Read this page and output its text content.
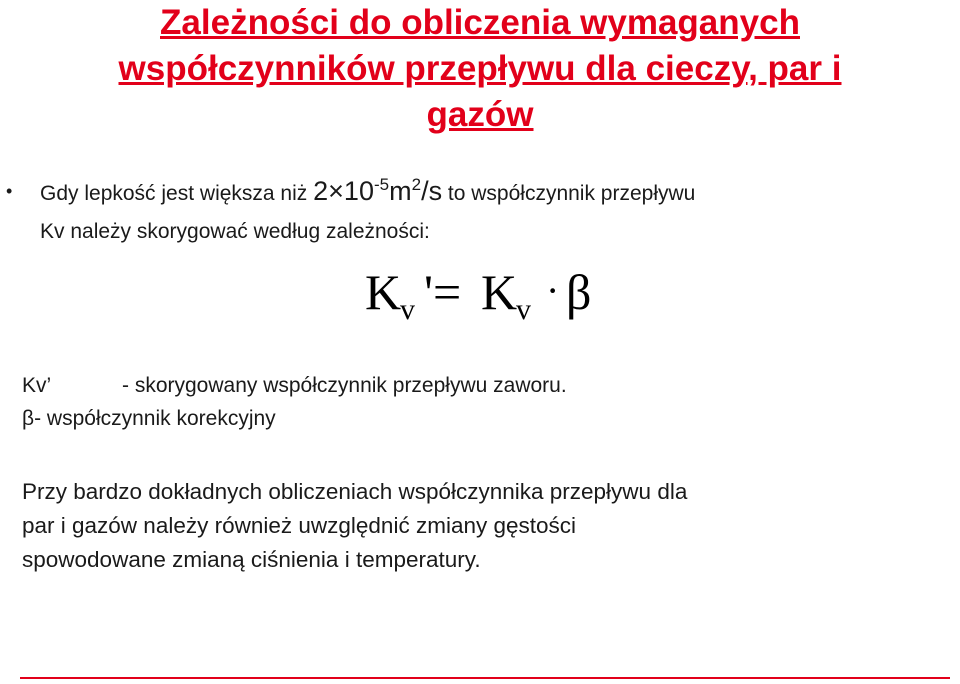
Zależności do obliczenia wymaganych
współczynników przepływu dla cieczy, par i
gazów
• Gdy lepkość jest większa niż $2\times 10^{-5}m^2/s$ to współczynnik przepływu
Kv należy skorygować według zależności:
K
v '= K
v · β
Kv’	- skorygowany współczynnik przepływu zaworu.
β- współczynnik korekcyjny
Przy bardzo dokładnych obliczeniach współczynnika przepływu dla
par i gazów należy również uwzględnić zmiany gęstości
spowodowane zmianą ciśnienia i temperatury.
